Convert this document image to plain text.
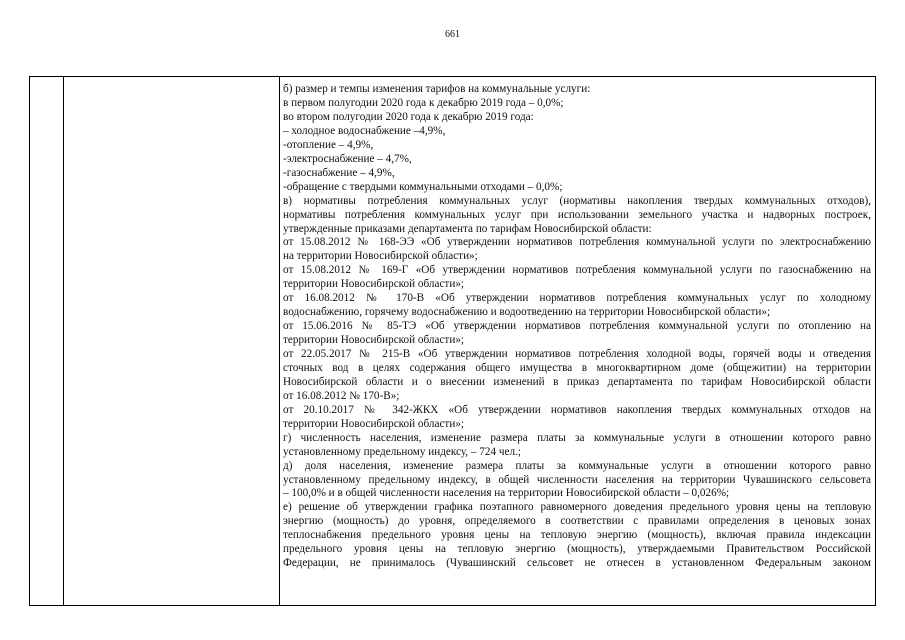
661
б) размер и темпы изменения тарифов на коммунальные услуги:
в первом полугодии 2020 года к декабрю 2019 года – 0,0%;
во втором полугодии 2020 года к декабрю 2019 года:
– холодное водоснабжение –4,9%,
-отопление – 4,9%,
-электроснабжение – 4,7%,
-газоснабжение – 4,9%,
-обращение с твердыми коммунальными отходами – 0,0%;
в) нормативы потребления коммунальных услуг (нормативы накопления твердых коммунальных отходов),
нормативы потребления коммунальных услуг при использовании земельного участка и надворных построек,
утвержденные приказами департамента по тарифам Новосибирской области:
от 15.08.2012 № 168-ЭЭ «Об утверждении нормативов потребления коммунальной услуги по электроснабжению
на территории Новосибирской области»;
от 15.08.2012 № 169-Г «Об утверждении нормативов потребления коммунальной услуги по газоснабжению на
территории Новосибирской области»;
от 16.08.2012 № 170-В «Об утверждении нормативов потребления коммунальных услуг по холодному
водоснабжению, горячему водоснабжению и водоотведению на территории Новосибирской области»;
от 15.06.2016 № 85-ТЭ «Об утверждении нормативов потребления коммунальной услуги по отоплению на
территории Новосибирской области»;
от 22.05.2017 № 215-В «Об утверждении нормативов потребления холодной воды, горячей воды и отведения
сточных вод в целях содержания общего имущества в многоквартирном доме (общежитии) на территории
Новосибирской области и о внесении изменений в приказ департамента по тарифам Новосибирской области
от 16.08.2012 № 170-В»;
от 20.10.2017 № 342-ЖКХ «Об утверждении нормативов накопления твердых коммунальных отходов на
территории Новосибирской области»;
г) численность населения, изменение размера платы за коммунальные услуги в отношении которого равно
установленному предельному индексу, – 724 чел.;
д) доля населения, изменение размера платы за коммунальные услуги в отношении которого равно
установленному предельному индексу, в общей численности населения на территории Чувашинского сельсовета
– 100,0% и в общей численности населения на территории Новосибирской области – 0,026%;
е) решение об утверждении графика поэтапного равномерного доведения предельного уровня цены на тепловую
энергию (мощность) до уровня, определяемого в соответствии с правилами определения в ценовых зонах
теплоснабжения предельного уровня цены на тепловую энергию (мощность), включая правила индексации
предельного уровня цены на тепловую энергию (мощность), утверждаемыми Правительством Российской
Федерации, не принималось (Чувашинский сельсовет не отнесен в установленном Федеральным законом
